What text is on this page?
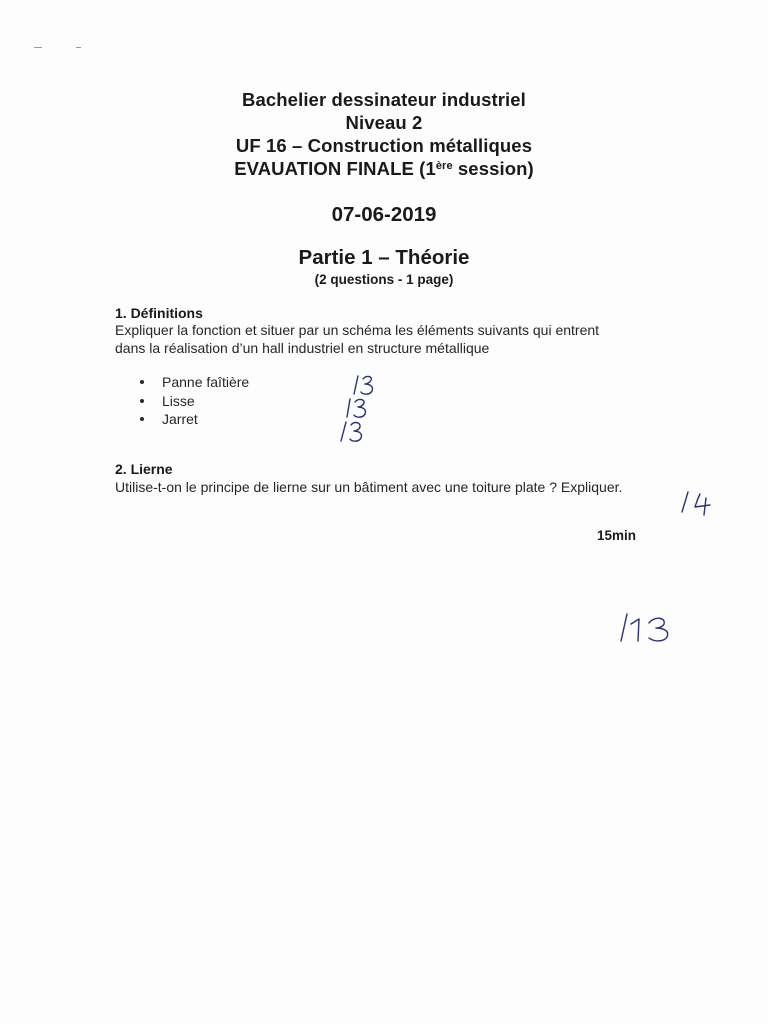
Bachelier dessinateur industriel
Niveau 2
UF 16 – Construction métalliques
EVAUATION FINALE (1ère session)
07-06-2019
Partie 1 – Théorie
(2 questions - 1 page)
1. Définitions
Expliquer la fonction et situer par un schéma les éléments suivants qui entrent
dans la réalisation d’un hall industriel en structure métallique
Panne faîtière
Lisse
Jarret
2. Lierne
Utilise-t-on le principe de lierne sur un bâtiment avec une toiture plate ? Expliquer.
15min
